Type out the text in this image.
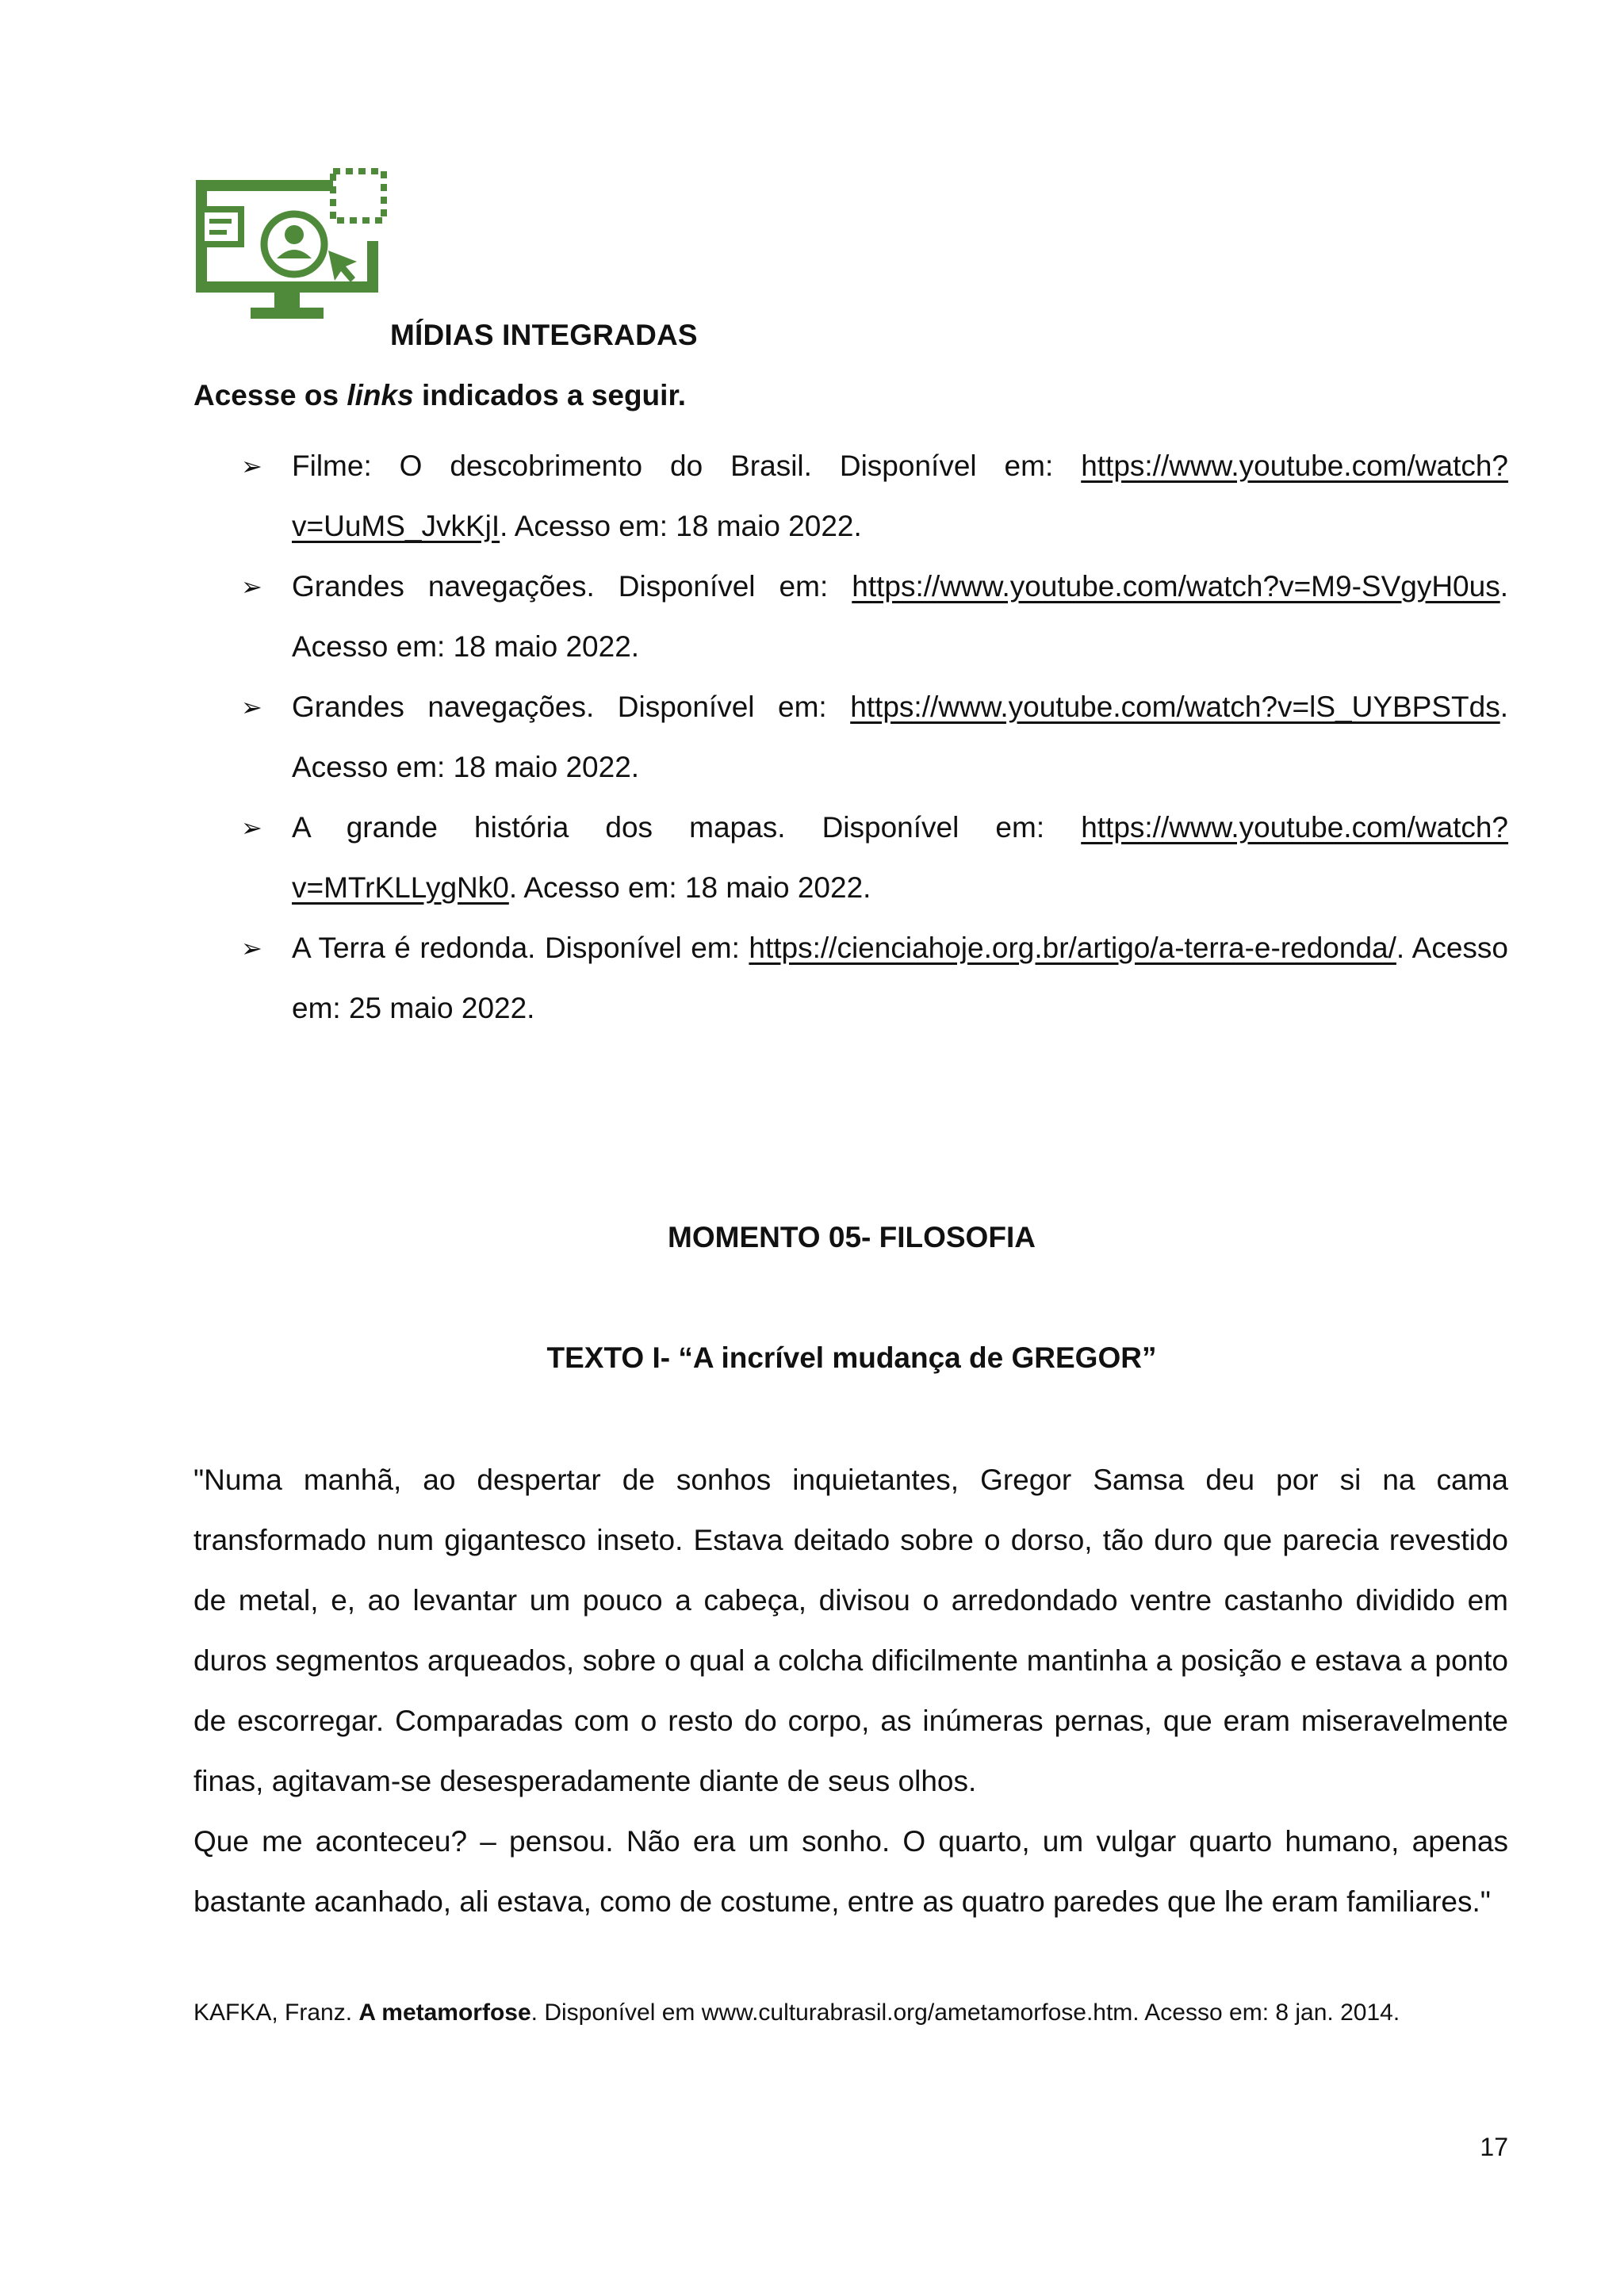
MÍDIAS INTEGRADAS
Acesse os links indicados a seguir.
➢ Filme: O descobrimento do Brasil. Disponível em: https://www.youtube.com/watch?v=UuMS_JvkKjI. Acesso em: 18 maio 2022.
➢ Grandes navegações. Disponível em: https://www.youtube.com/watch?v=M9-SVgyH0us. Acesso em: 18 maio 2022.
➢ Grandes navegações. Disponível em: https://www.youtube.com/watch?v=lS_UYBPSTds. Acesso em: 18 maio 2022.
➢ A grande história dos mapas. Disponível em: https://www.youtube.com/watch?v=MTrKLLygNk0. Acesso em: 18 maio 2022.
➢ A Terra é redonda. Disponível em: https://cienciahoje.org.br/artigo/a-terra-e-redonda/. Acesso em: 25 maio 2022.
MOMENTO 05- FILOSOFIA
TEXTO I- “A incrível mudança de GREGOR”

"Numa manhã, ao despertar de sonhos inquietantes, Gregor Samsa deu por si na cama transformado num gigantesco inseto. Estava deitado sobre o dorso, tão duro que parecia revestido de metal, e, ao levantar um pouco a cabeça, divisou o arredondado ventre castanho dividido em duros segmentos arqueados, sobre o qual a colcha dificilmente mantinha a posição e estava a ponto de escorregar. Comparadas com o resto do corpo, as inúmeras pernas, que eram miseravelmente finas, agitavam-se desesperadamente diante de seus olhos.

Que me aconteceu? – pensou. Não era um sonho. O quarto, um vulgar quarto humano, apenas bastante acanhado, ali estava, como de costume, entre as quatro paredes que lhe eram familiares."

KAFKA, Franz. A metamorfose. Disponível em www.culturabrasil.org/ametamorfose.htm. Acesso em: 8 jan. 2014.
17
